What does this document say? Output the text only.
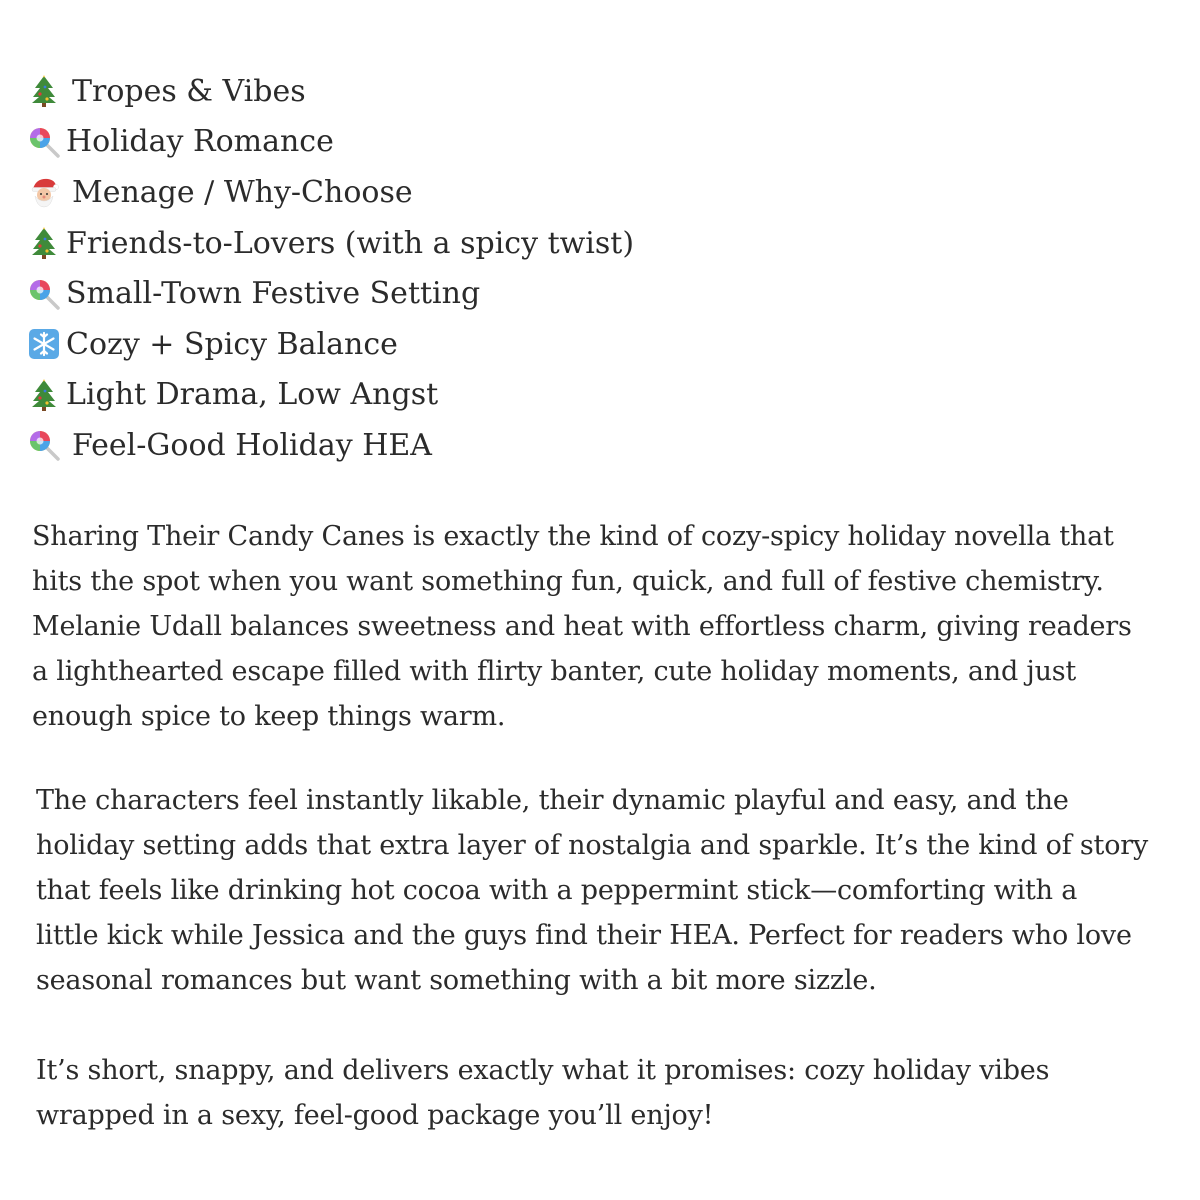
Tropes & Vibes
Holiday Romance
Menage / Why-Choose
Friends-to-Lovers (with a spicy twist)
Small-Town Festive Setting
Cozy + Spicy Balance
Light Drama, Low Angst
Feel-Good Holiday HEA

Sharing Their Candy Canes is exactly the kind of cozy-spicy holiday novella that
hits the spot when you want something fun, quick, and full of festive chemistry.
Melanie Udall balances sweetness and heat with effortless charm, giving readers
a lighthearted escape filled with flirty banter, cute holiday moments, and just
enough spice to keep things warm.

The characters feel instantly likable, their dynamic playful and easy, and the
holiday setting adds that extra layer of nostalgia and sparkle. It’s the kind of story
that feels like drinking hot cocoa with a peppermint stick—comforting with a
little kick while Jessica and the guys find their HEA. Perfect for readers who love
seasonal romances but want something with a bit more sizzle.

It’s short, snappy, and delivers exactly what it promises: cozy holiday vibes
wrapped in a sexy, feel-good package you’ll enjoy!
